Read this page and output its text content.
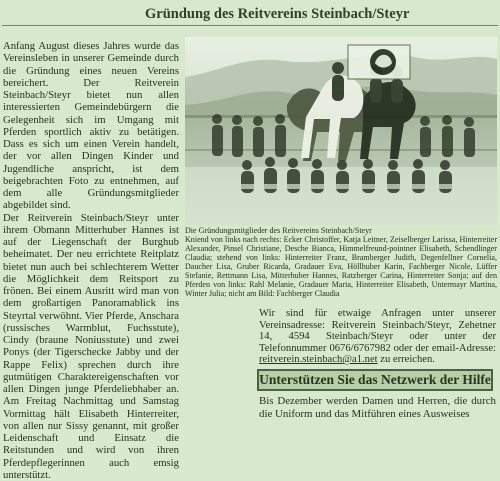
Gründung des Reitvereins Steinbach/Steyr

Anfang August dieses Jahres wurde das Vereinsleben in unserer Gemeinde durch die Gründung eines neuen Vereins bereichert. Der Reitverein Steinbach/Steyr bietet nun allen interessierten Gemeindebürgern die Gelegenheit sich im Umgang mit Pferden sportlich aktiv zu betätigen. Dass es sich um einen Verein handelt, der vor allen Dingen Kinder und Jugendliche anspricht, ist dem beigebrachten Foto zu entnehmen, auf dem alle Gründungsmitglieder abgebildet sind.

Der Reitverein Steinbach/Steyr unter ihrem Obmann Mitterhuber Hannes ist auf der Liegenschaft der Burghub beheimatet. Der neu errichtete Reitplatz bietet nun auch bei schlechterem Wetter die Möglichkeit dem Reitsport zu frönen. Bei einem Ausritt wird man von dem großartigen Panoramablick ins Steyrtal verwöhnt. Vier Pferde, Anschara (russisches Warmblut, Fuchsstute), Cindy (braune Noniusstute) und zwei Ponys (der Tigerschecke Jabby und der Rappe Felix) sprechen durch ihre gutmütigen Charaktereigenschaften vor allen Dingen junge Pferdeliebhaber an. Am Freitag Nachmittag und Samstag Vormittag hält Elisabeth Hinterreiter, von allen nur Sissy genannt, mit großer Leidenschaft und Einsatz die Reitstunden und wird von ihren Pferdepflegerinnen auch emsig unterstützt.

Die Gründungsmitglieder des Reitvereins Steinbach/Steyr
Kniend von links nach rechts: Ecker Christoffer, Katja Leitner, Zeiselberger Larissa, Hinterreiter Alexander, Pinsel Christiane, Desche Bianca, Himmelfreund-pointner Elisabeth, Schendlinger Claudia; stehend von links: Hinterreiter Franz, Bramberger Judith, Degenfellner Cornelia, Daucher Lisa, Gruber Ricarda, Gradauer Eva, Höllhuber Karin, Fachberger Nicole, Lüffer Stefanie, Rettmann Lisa, Mitterhuber Hannes, Ratzberger Carina, Hinterreiter Sonja; auf den Pferden von links: Rahl Melanie, Gradauer Maria, Hinterreiter Elisabeth, Untermayr Martina, Winter Julia; nicht am Bild: Fachberger Claudia
Wir sind für etwaige Anfragen unter unserer Vereinsadresse: Reitverein Steinbach/Steyr, Zehetner 14, 4594 Steinbach/Steyr oder unter der Telefonnummer 0676/6767982 oder der email-Adresse: reitverein.steinbach@a1.net zu erreichen.
Unterstützen Sie das Netzwerk der Hilfe
Bis Dezember werden Damen und Herren, die durch die Uniform und das Mitführen eines Ausweises
